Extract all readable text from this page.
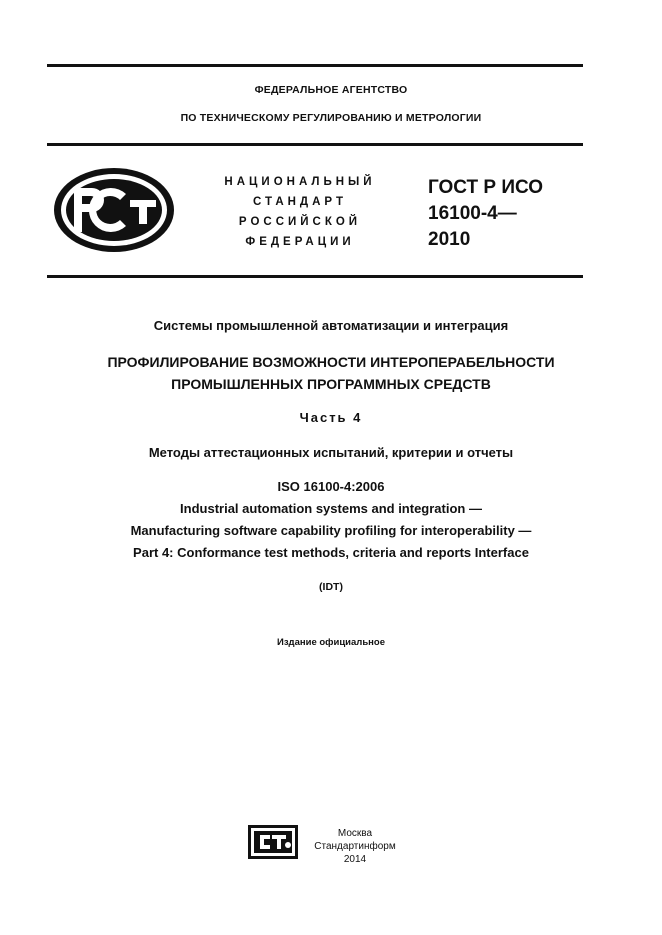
ФЕДЕРАЛЬНОЕ АГЕНТСТВО
ПО ТЕХНИЧЕСКОМУ РЕГУЛИРОВАНИЮ И МЕТРОЛОГИИ
НАЦИОНАЛЬНЫЙ
СТАНДАРТ
РОССИЙСКОЙ
ФЕДЕРАЦИИ
ГОСТ Р ИСО
16100-4—
2010
Системы промышленной автоматизации и интеграция
ПРОФИЛИРОВАНИЕ ВОЗМОЖНОСТИ ИНТЕРОПЕРАБЕЛЬНОСТИ
ПРОМЫШЛЕННЫХ ПРОГРАММНЫХ СРЕДСТВ
Часть 4
Методы аттестационных испытаний, критерии и отчеты
ISO 16100-4:2006
Industrial automation systems and integration —
Manufacturing software capability profiling for interoperability —
Part 4: Conformance test methods, criteria and reports Interface
(IDT)
Издание официальное
Москва
Стандартинформ
2014
